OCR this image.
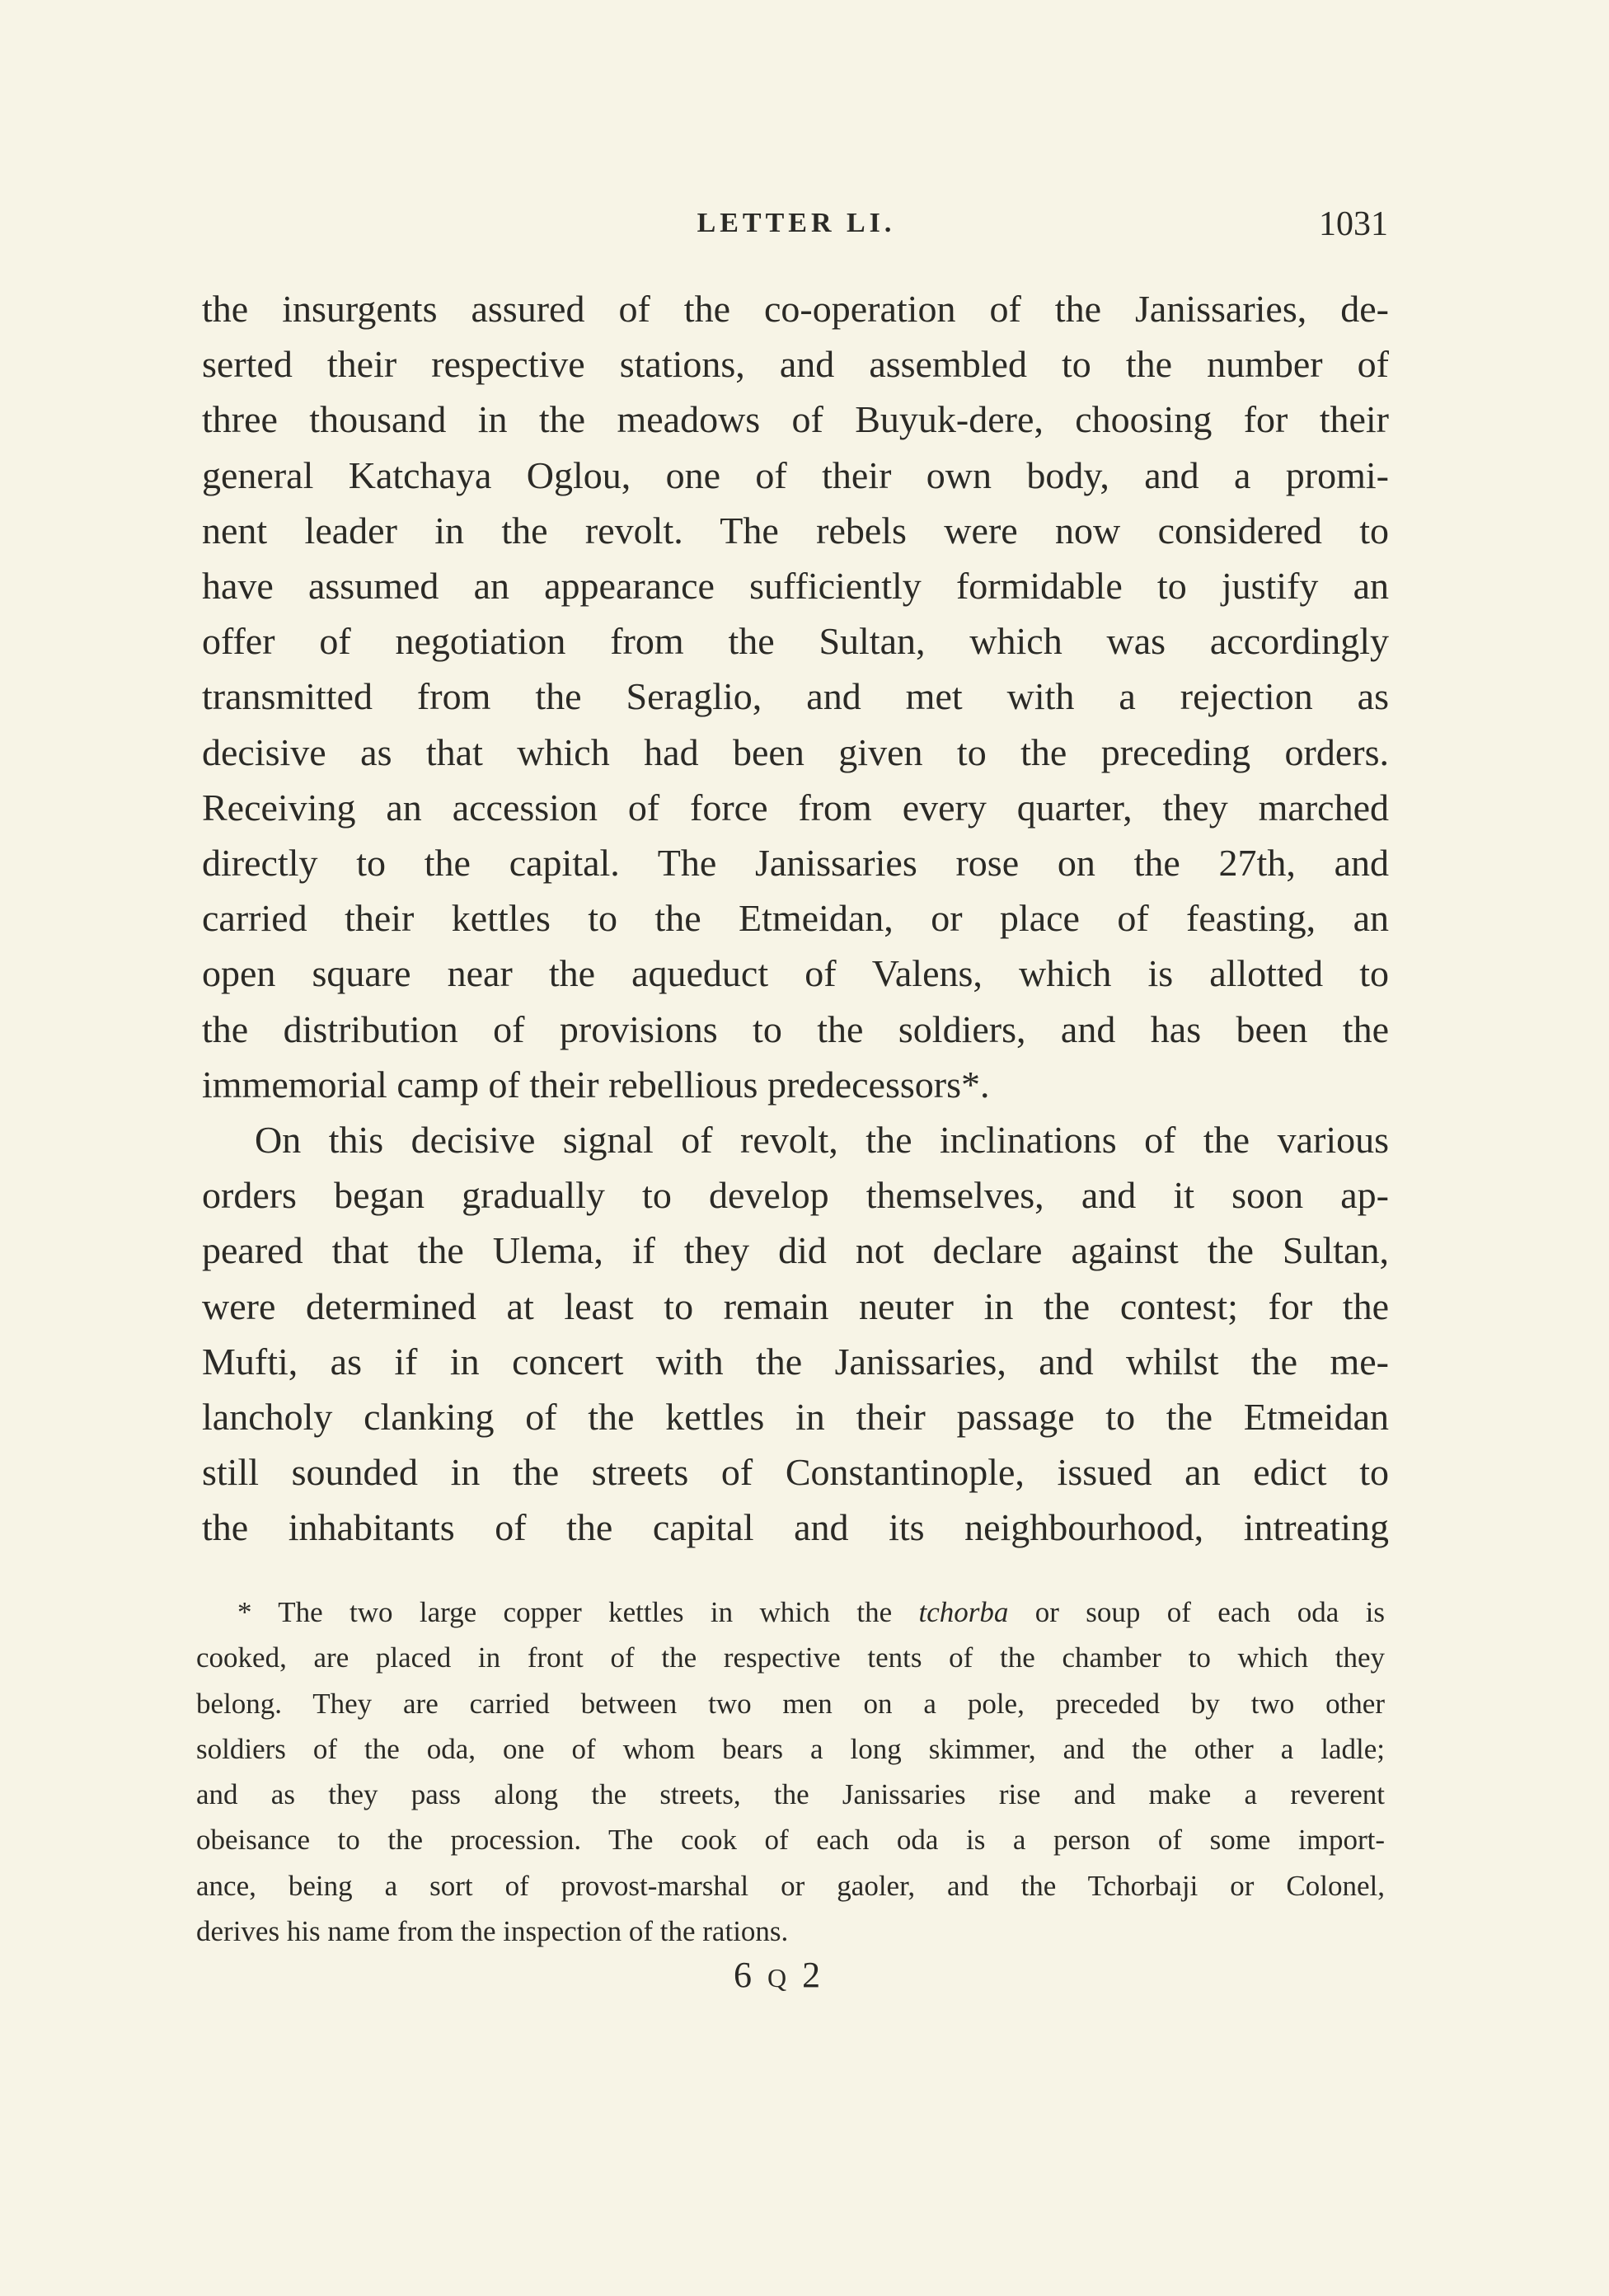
LETTER LI.	1031
the insurgents assured of the co-operation of the Janissaries, de-
serted their respective stations, and assembled to the number of
three thousand in the meadows of Buyuk-dere, choosing for their
general Katchaya Oglou, one of their own body, and a promi-
nent leader in the revolt. The rebels were now considered to
have assumed an appearance sufficiently formidable to justify an
offer of negotiation from the Sultan, which was accordingly
transmitted from the Seraglio, and met with a rejection as
decisive as that which had been given to the preceding orders.
Receiving an accession of force from every quarter, they marched
directly to the capital. The Janissaries rose on the 27th, and
carried their kettles to the Etmeidan, or place of feasting, an
open square near the aqueduct of Valens, which is allotted to
the distribution of provisions to the soldiers, and has been the
immemorial camp of their rebellious predecessors*.
On this decisive signal of revolt, the inclinations of the various
orders began gradually to develop themselves, and it soon ap-
peared that the Ulema, if they did not declare against the Sultan,
were determined at least to remain neuter in the contest; for the
Mufti, as if in concert with the Janissaries, and whilst the me-
lancholy clanking of the kettles in their passage to the Etmeidan
still sounded in the streets of Constantinople, issued an edict to
the inhabitants of the capital and its neighbourhood, intreating
* The two large copper kettles in which the tchorba or soup of each oda is
cooked, are placed in front of the respective tents of the chamber to which they
belong. They are carried between two men on a pole, preceded by two other
soldiers of the oda, one of whom bears a long skimmer, and the other a ladle;
and as they pass along the streets, the Janissaries rise and make a reverent
obeisance to the procession. The cook of each oda is a person of some import-
ance, being a sort of provost-marshal or gaoler, and the Tchorbaji or Colonel,
derives his name from the inspection of the rations.
6 Q 2
